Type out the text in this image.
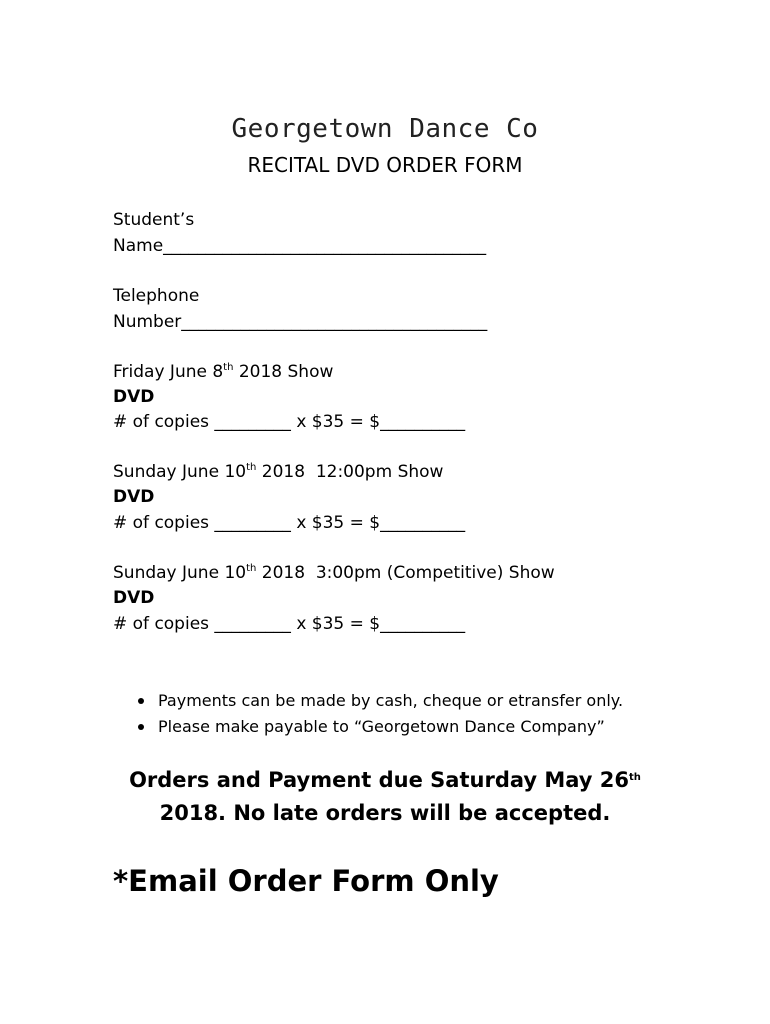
Georgetown Dance Co
RECITAL DVD ORDER FORM
Student’s
Name______________________________________
Telephone
Number____________________________________
Friday June 8th 2018 Show
DVD
# of copies _________ x $35 = $__________
Sunday June 10th 2018  12:00pm Show
DVD
# of copies _________ x $35 = $__________
Sunday June 10th 2018  3:00pm (Competitive) Show
DVD
# of copies _________ x $35 = $__________
Payments can be made by cash, cheque or etransfer only.
Please make payable to “Georgetown Dance Company”
Orders and Payment due Saturday May 26th
2018. No late orders will be accepted.
*Email Order Form Only
